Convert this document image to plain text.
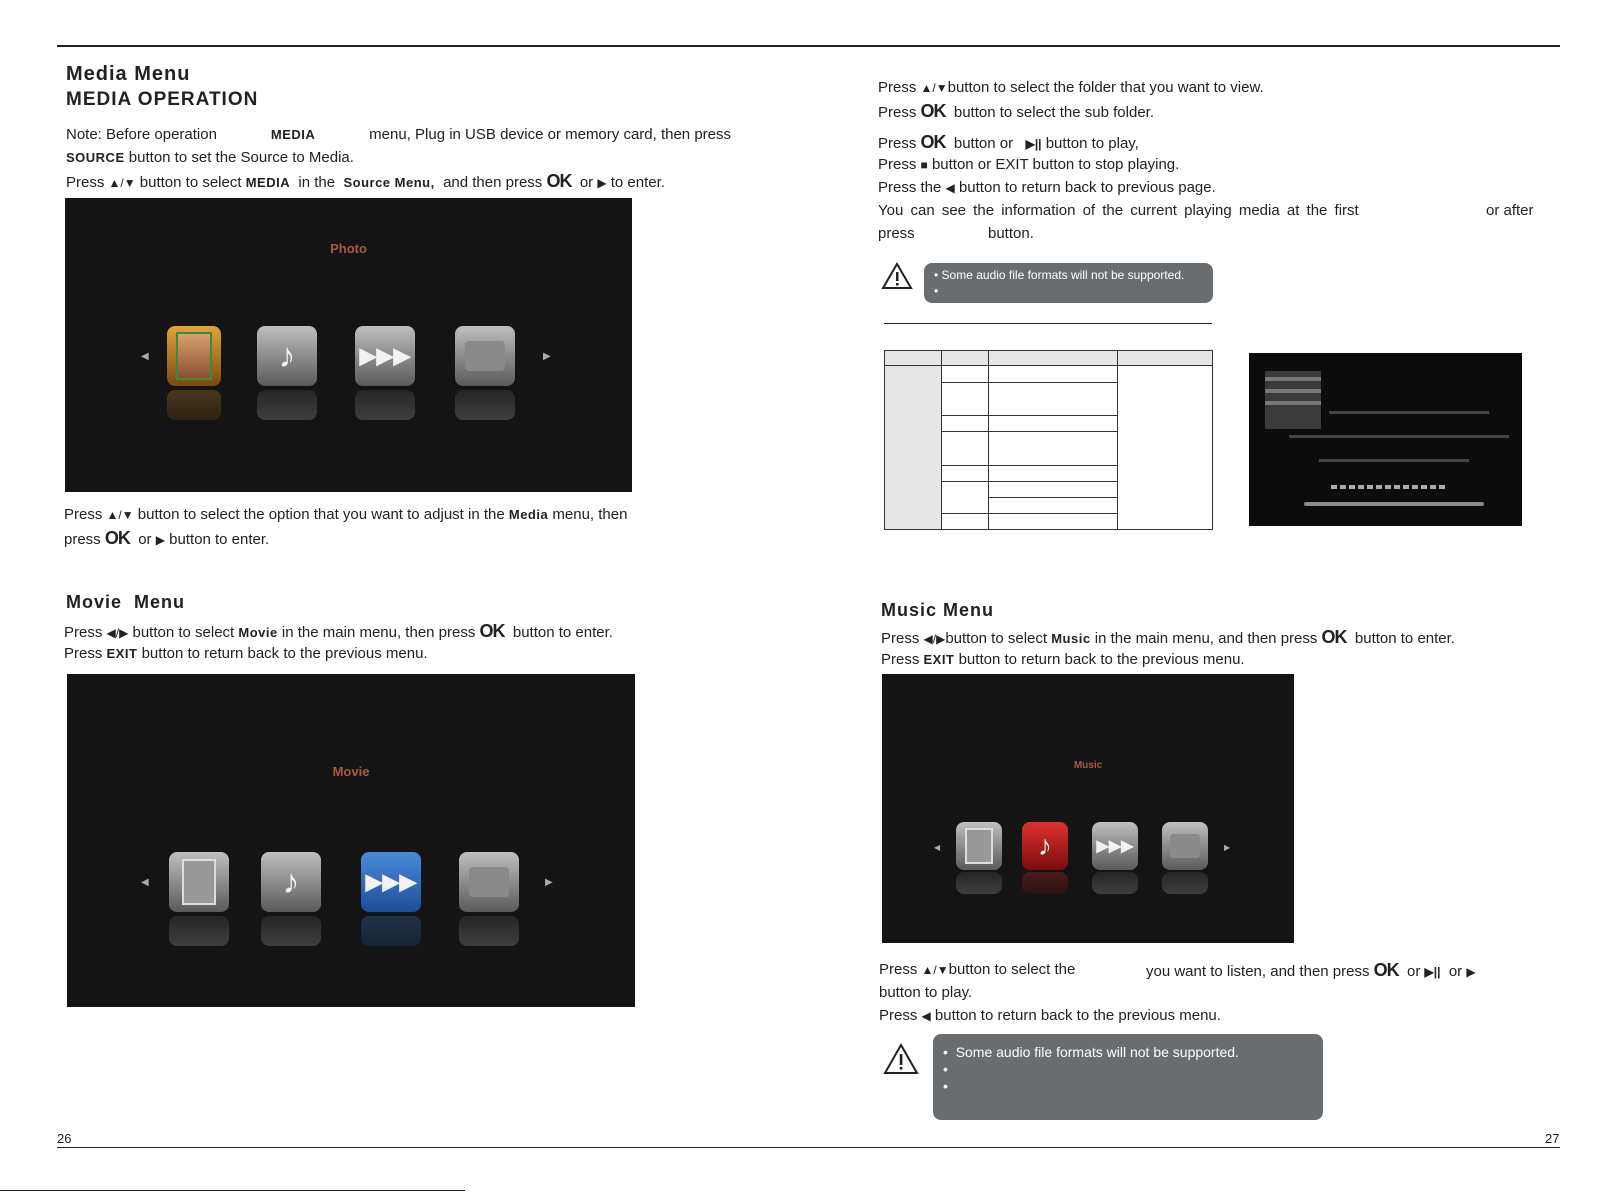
Media Menu
MEDIA OPERATION
Note: Before operation	MEDIA	menu, Plug in USB device or memory card, then press
SOURCE button to set the Source to Media.
Press ▲/▼ button to select MEDIA in the Source Menu, and then press OK or ▶ to enter.
Photo
◀	♪	▶▶▶	▶
Press ▲/▼ button to select the option that you want to adjust in the Media menu, then
press OK or ▶ button to enter.
Movie  Menu
Press ◀/▶ button to select Movie in the main menu, then press OK button to enter.
Press EXIT button to return back to the previous menu.
Movie
◀	♪	▶▶▶	▶
26
Press ▲/▼button to select the folder that you want to view.
Press OK button to select the sub folder.
Press OK button or ▶|| button to play,
Press ■ button or EXIT button to stop playing.
Press the ◀ button to return back to previous page.
You can see the information of the current playing media at the first	or after
press	button.
• Some audio file formats will not be supported.
•

Music Menu
Press ◀/▶button to select Music in the main menu, and then press OK button to enter.
Press EXIT button to return back to the previous menu.
Music
◀	♪	▶▶▶	▶
Press ▲/▼button to select the	you want to listen, and then press OK or ▶|| or ▶
button to play.
Press ◀ button to return back to the previous menu.
•  Some audio file formats will not be supported.
•
•
27
